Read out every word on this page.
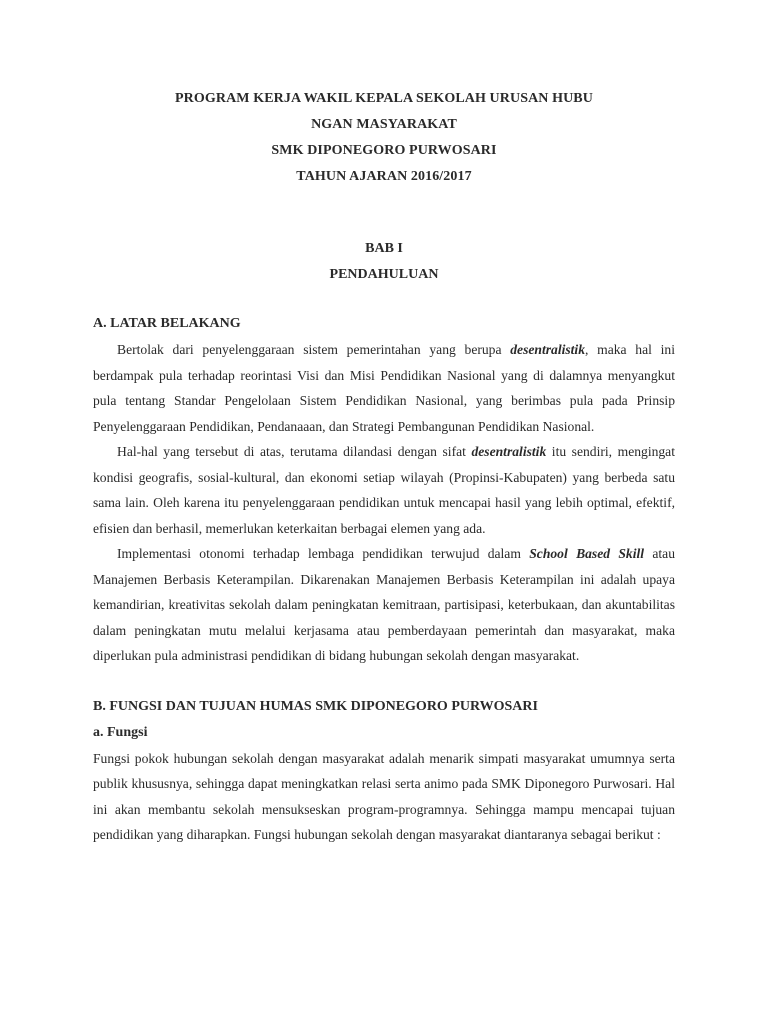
PROGRAM KERJA WAKIL KEPALA SEKOLAH URUSAN HUBU
NGAN MASYARAKAT
SMK DIPONEGORO PURWOSARI
TAHUN AJARAN 2016/2017
BAB I
PENDAHULUAN
A. LATAR BELAKANG

Bertolak dari penyelenggaraan sistem pemerintahan yang berupa desentralistik, maka hal ini berdampak pula terhadap reorintasi Visi dan Misi Pendidikan Nasional yang di dalamnya menyangkut pula tentang Standar Pengelolaan Sistem Pendidikan Nasional, yang berimbas pula pada Prinsip Penyelenggaraan Pendidikan, Pendanaaan, dan Strategi Pembangunan Pendidikan Nasional.

Hal-hal yang tersebut di atas, terutama dilandasi dengan sifat desentralistik itu sendiri, mengingat kondisi geografis, sosial-kultural, dan ekonomi setiap wilayah (Propinsi-Kabupaten) yang berbeda satu sama lain. Oleh karena itu penyelenggaraan pendidikan untuk mencapai hasil yang lebih optimal, efektif, efisien dan berhasil, memerlukan keterkaitan berbagai elemen yang ada.

Implementasi otonomi terhadap lembaga pendidikan terwujud dalam School Based Skill atau Manajemen Berbasis Keterampilan. Dikarenakan Manajemen Berbasis Keterampilan ini adalah upaya kemandirian, kreativitas sekolah dalam peningkatan kemitraan, partisipasi, keterbukaan, dan akuntabilitas dalam peningkatan mutu melalui kerjasama atau pemberdayaan pemerintah dan masyarakat, maka diperlukan pula administrasi pendidikan di bidang hubungan sekolah dengan masyarakat.

B. FUNGSI DAN TUJUAN HUMAS SMK DIPONEGORO PURWOSARI
a. Fungsi

Fungsi pokok hubungan sekolah dengan masyarakat adalah menarik simpati masyarakat umumnya serta publik khususnya, sehingga dapat meningkatkan relasi serta animo pada SMK Diponegoro Purwosari. Hal ini akan membantu sekolah mensukseskan program-programnya. Sehingga mampu mencapai tujuan pendidikan yang diharapkan. Fungsi hubungan sekolah dengan masyarakat diantaranya sebagai berikut :
